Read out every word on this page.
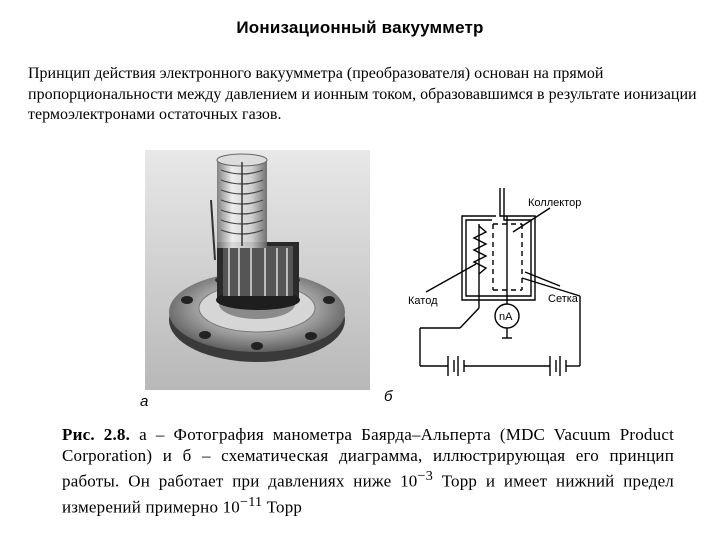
Ионизационный вакуумметр
Принцип действия электронного вакуумметра (преобразователя) основан на прямой пропорциональности между давлением и ионным током, образовавшимся в результате ионизации термоэлектронами остаточных газов.
а	б
Коллектор
Катод	Сетка
nA
Рис. 2.8. а – Фотография манометра Баярда–Альперта (MDC Vacuum Product Corporation) и б – схематическая диаграмма, иллюстрирующая его принцип работы. Он работает при давлениях ниже $10^{-3}$ Торр и имеет нижний предел измерений примерно $10^{-11}$ Торр
